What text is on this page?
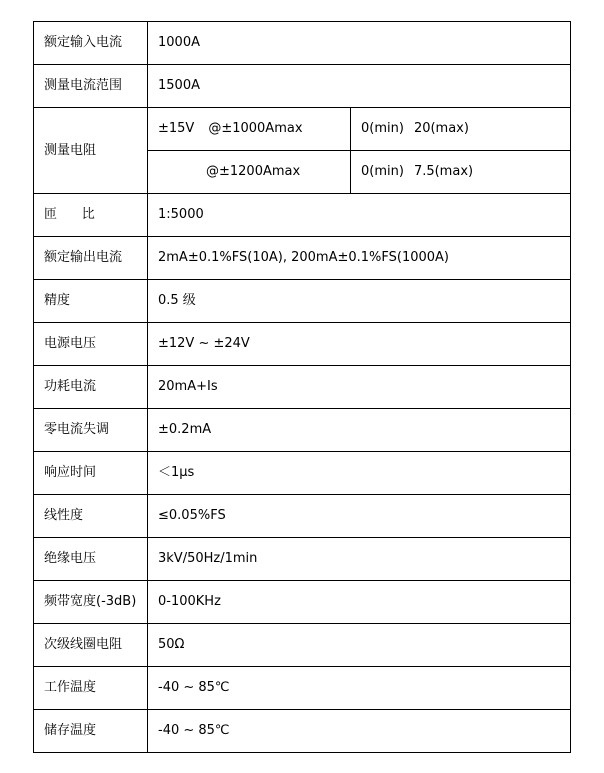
额定输入电流	1000A	
测量电流范围	1500A	
测量电阻	±15V @±1000Amax	0(min) 20(max)
	@±1200Amax	0(min) 7.5(max)
匝      比	1:5000	
额定输出电流	2mA±0.1%FS(10A), 200mA±0.1%FS(1000A)	
精度	0.5 级	
电源电压	±12V ~ ±24V	
功耗电流	20mA+Is	
零电流失调	±0.2mA	
响应时间	＜1μs	
线性度	≤0.05%FS	
绝缘电压	3kV/50Hz/1min	
频带宽度(-3dB)	0-100KHz	
次级线圈电阻	50Ω	
工作温度	-40 ~ 85℃	
储存温度	-40 ~ 85℃	
